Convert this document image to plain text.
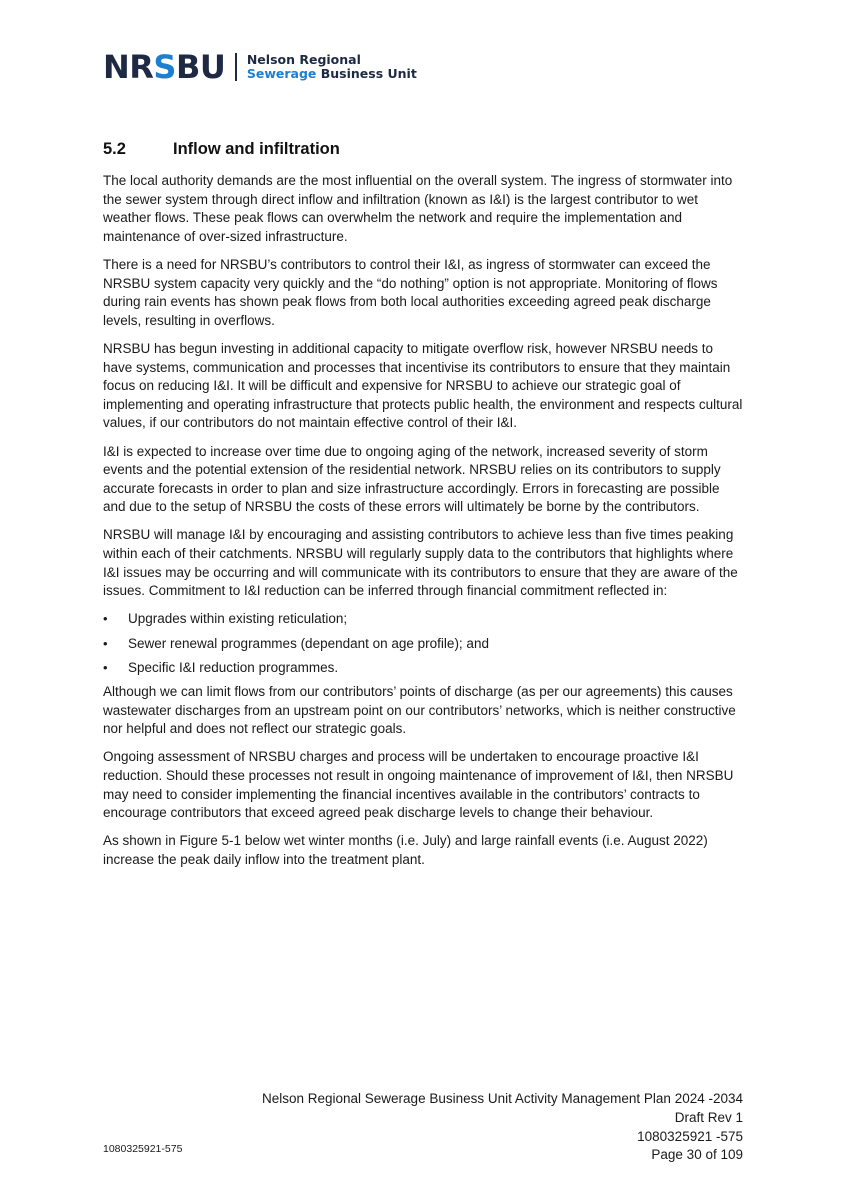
NRSBU Nelson Regional
Sewerage Business Unit
5.2	Inflow and infiltration

The local authority demands are the most influential on the overall system. The ingress of stormwater into the sewer system through direct inflow and infiltration (known as I&I) is the largest contributor to wet weather flows. These peak flows can overwhelm the network and require the implementation and maintenance of over-sized infrastructure.

There is a need for NRSBU’s contributors to control their I&I, as ingress of stormwater can exceed the NRSBU system capacity very quickly and the “do nothing” option is not appropriate. Monitoring of flows during rain events has shown peak flows from both local authorities exceeding agreed peak discharge levels, resulting in overflows.

NRSBU has begun investing in additional capacity to mitigate overflow risk, however NRSBU needs to have systems, communication and processes that incentivise its contributors to ensure that they maintain focus on reducing I&I. It will be difficult and expensive for NRSBU to achieve our strategic goal of implementing and operating infrastructure that protects public health, the environment and respects cultural values, if our contributors do not maintain effective control of their I&I.

I&I is expected to increase over time due to ongoing aging of the network, increased severity of storm events and the potential extension of the residential network. NRSBU relies on its contributors to supply accurate forecasts in order to plan and size infrastructure accordingly. Errors in forecasting are possible and due to the setup of NRSBU the costs of these errors will ultimately be borne by the contributors.

NRSBU will manage I&I by encouraging and assisting contributors to achieve less than five times peaking within each of their catchments. NRSBU will regularly supply data to the contributors that highlights where I&I issues may be occurring and will communicate with its contributors to ensure that they are aware of the issues. Commitment to I&I reduction can be inferred through financial commitment reflected in:

•	Upgrades within existing reticulation;
•	Sewer renewal programmes (dependant on age profile); and
•	Specific I&I reduction programmes.

Although we can limit flows from our contributors’ points of discharge (as per our agreements) this causes wastewater discharges from an upstream point on our contributors’ networks, which is neither constructive nor helpful and does not reflect our strategic goals.

Ongoing assessment of NRSBU charges and process will be undertaken to encourage proactive I&I reduction. Should these processes not result in ongoing maintenance of improvement of I&I, then NRSBU may need to consider implementing the financial incentives available in the contributors’ contracts to encourage contributors that exceed agreed peak discharge levels to change their behaviour.

As shown in Figure 5-1 below wet winter months (i.e. July) and large rainfall events (i.e. August 2022) increase the peak daily inflow into the treatment plant.

Nelson Regional Sewerage Business Unit Activity Management Plan 2024 -2034
Draft Rev 1
1080325921 -575
Page 30 of 109
1080325921-575
